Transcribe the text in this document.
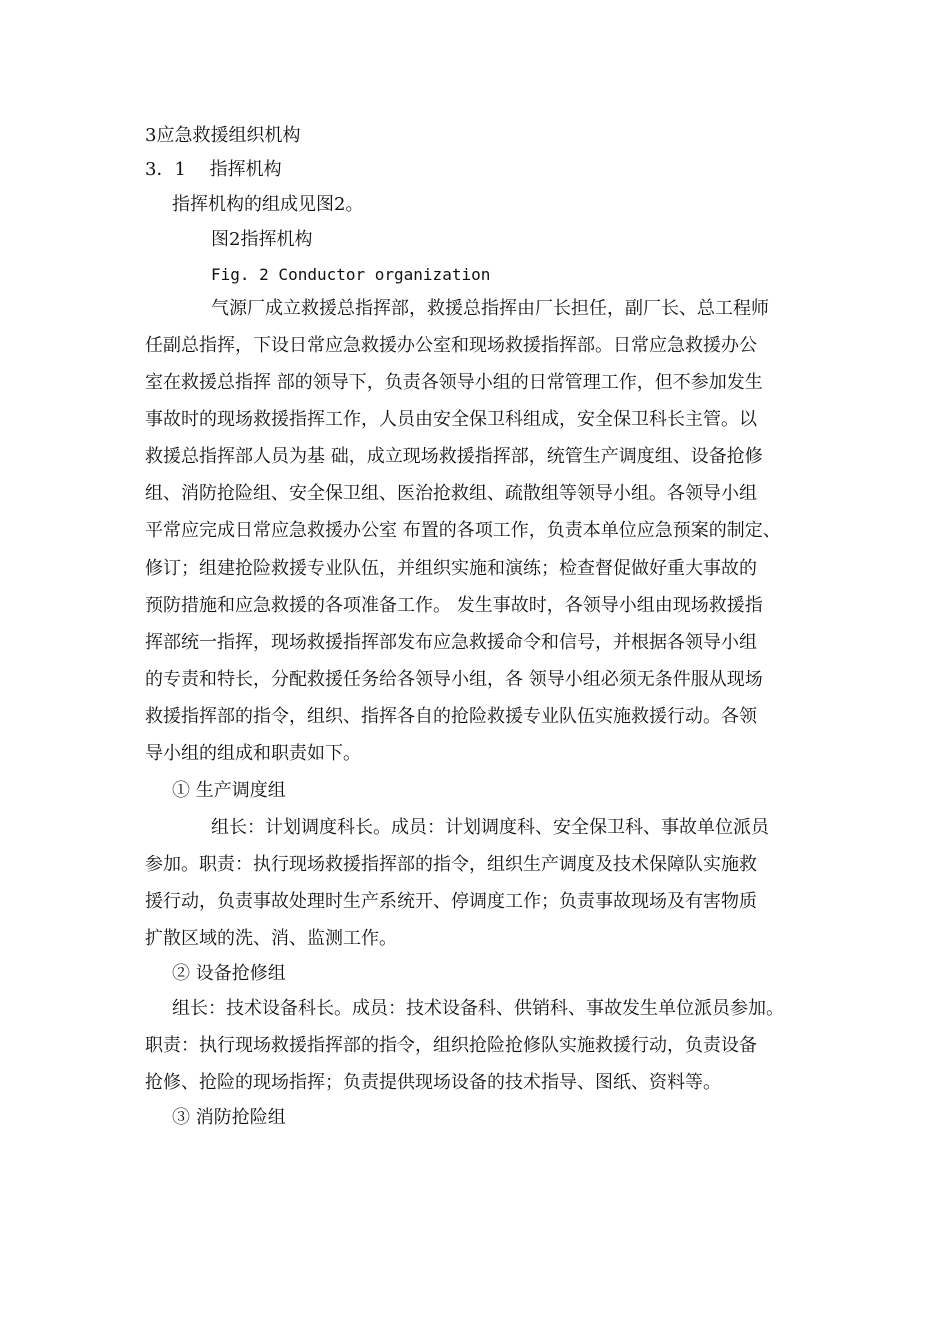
3应急救援组织机构
3．1　 指挥机构
指挥机构的组成见图2。
图2指挥机构
Fig. 2 Conductor organization
气源厂成立救援总指挥部，救援总指挥由厂长担任，副厂长、总工程师
任副总指挥，下设日常应急救援办公室和现场救援指挥部。日常应急救援办公
室在救援总指挥 部的领导下，负责各领导小组的日常管理工作，但不参加发生
事故时的现场救援指挥工作，人员由安全保卫科组成，安全保卫科长主管。以
救援总指挥部人员为基 础，成立现场救援指挥部，统管生产调度组、设备抢修
组、消防抢险组、安全保卫组、医治抢救组、疏散组等领导小组。各领导小组
平常应完成日常应急救援办公室 布置的各项工作，负责本单位应急预案的制定、
修订；组建抢险救援专业队伍，并组织实施和演练；检查督促做好重大事故的
预防措施和应急救援的各项准备工作。 发生事故时，各领导小组由现场救援指
挥部统一指挥，现场救援指挥部发布应急救援命令和信号，并根据各领导小组
的专责和特长，分配救援任务给各领导小组，各 领导小组必须无条件服从现场
救援指挥部的指令，组织、指挥各自的抢险救援专业队伍实施救援行动。各领
导小组的组成和职责如下。
① 生产调度组
组长：计划调度科长。成员：计划调度科、安全保卫科、事故单位派员
参加。职责：执行现场救援指挥部的指令，组织生产调度及技术保障队实施救
援行动，负责事故处理时生产系统开、停调度工作；负责事故现场及有害物质
扩散区域的洗、消、监测工作。
② 设备抢修组
组长：技术设备科长。成员：技术设备科、供销科、事故发生单位派员参加。
职责：执行现场救援指挥部的指令，组织抢险抢修队实施救援行动，负责设备
抢修、抢险的现场指挥；负责提供现场设备的技术指导、图纸、资料等。
③ 消防抢险组
